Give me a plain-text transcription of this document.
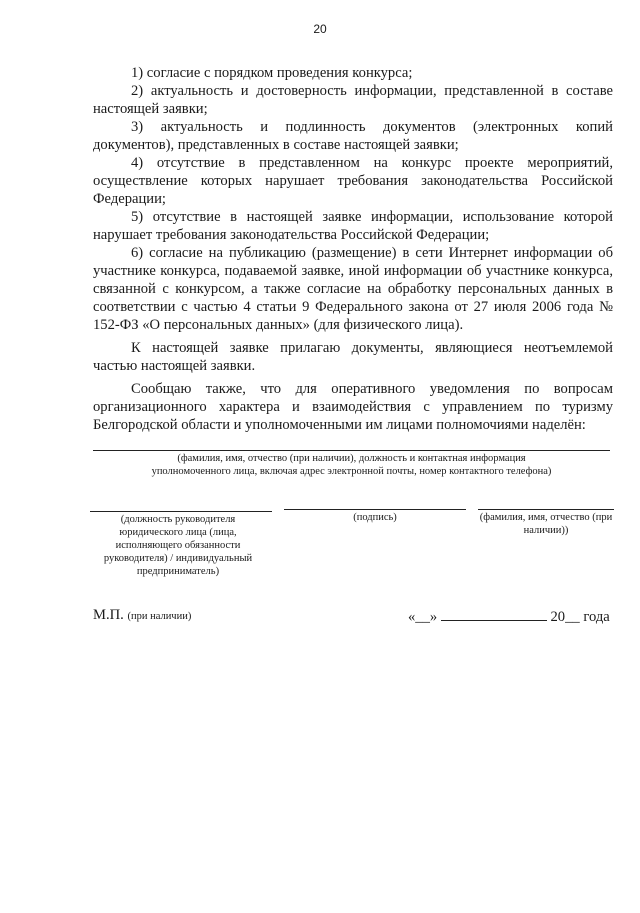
20

1) согласие с порядком проведения конкурса;

2) актуальность и достоверность информации, представленной в составе настоящей заявки;

3) актуальность и подлинность документов (электронных копий документов), представленных в составе настоящей заявки;

4) отсутствие в представленном на конкурс проекте мероприятий, осуществление которых нарушает требования законодательства Российской Федерации;

5) отсутствие в настоящей заявке информации, использование которой нарушает требования законодательства Российской Федерации;

6) согласие на публикацию (размещение) в сети Интернет информации об участнике конкурса, подаваемой заявке, иной информации об участнике конкурса, связанной с конкурсом, а также согласие на обработку персональных данных в соответствии с частью 4 статьи 9 Федерального закона от 27 июля 2006 года № 152-ФЗ «О персональных данных» (для физического лица).

К настоящей заявке прилагаю документы, являющиеся неотъемлемой частью настоящей заявки.

Сообщаю также, что для оперативного уведомления по вопросам организационного характера и взаимодействия с управлением по туризму Белгородской области и уполномоченными им лицами полномочиями наделён:

(фамилия, имя, отчество (при наличии), должность и контактная информация
уполномоченного лица, включая адрес электронной почты, номер контактного телефона)
(должность руководителя юридического лица (лица, исполняющего обязанности руководителя) / индивидуальный предприниматель)
(подпись)	(фамилия, имя, отчество (при наличии))
М.П. (при наличии)	«__»	20__ года
